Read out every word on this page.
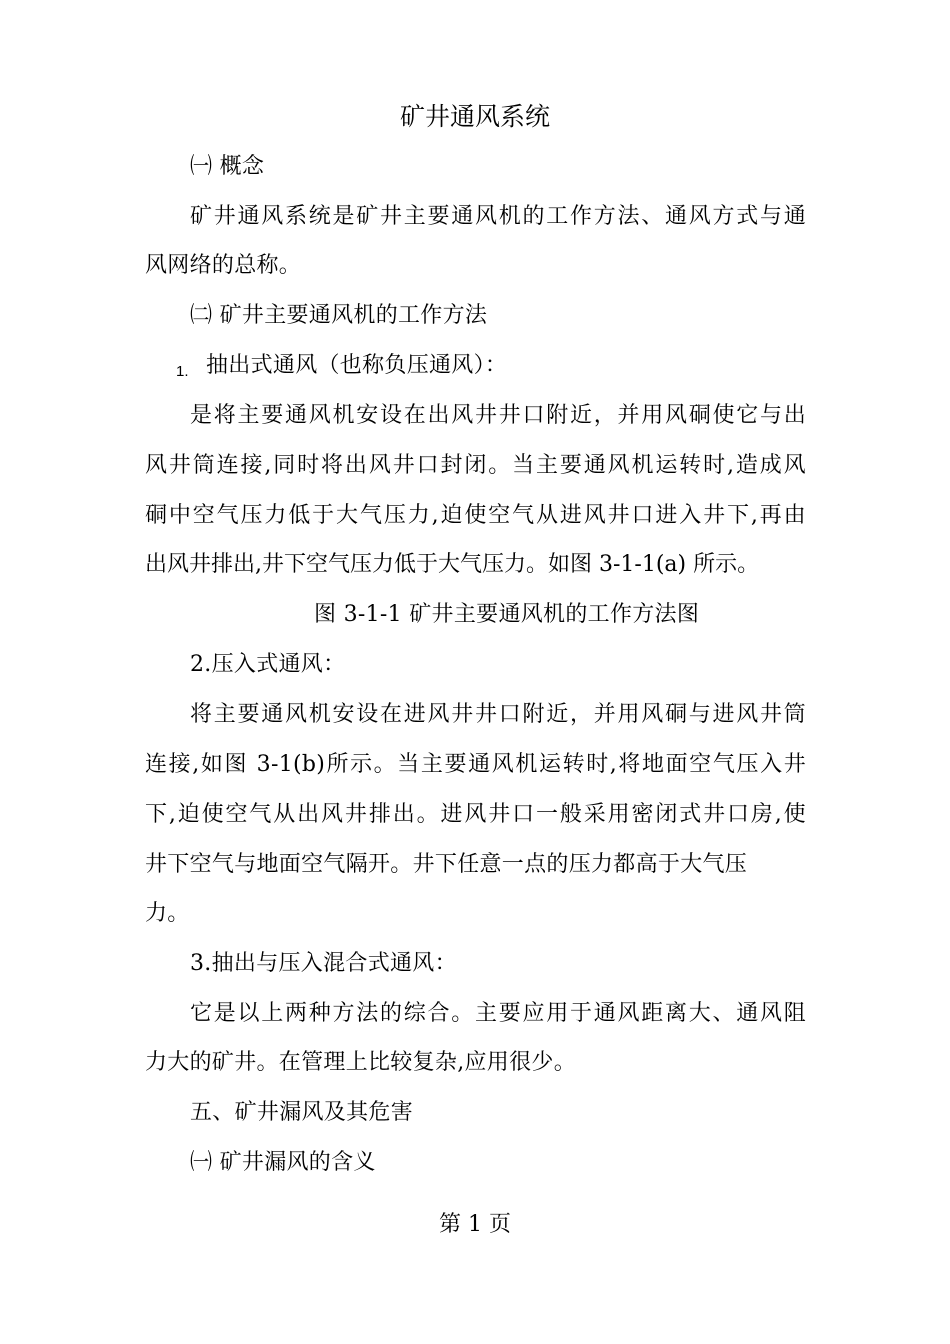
矿井通风系统
㈠ 概念
矿井通风系统是矿井主要通风机的工作方法、通风方式与通
风网络的总称。
㈡ 矿井主要通风机的工作方法
1. 抽出式通风（也称负压通风）：
是将主要通风机安设在出风井井口附近，并用风硐使它与出
风井筒连接,同时将出风井口封闭。当主要通风机运转时,造成风
硐中空气压力低于大气压力,迫使空气从进风井口进入井下,再由
出风井排出,井下空气压力低于大气压力。如图 3-1-1(a) 所示。
图 3-1-1 矿井主要通风机的工作方法图
2.压入式通风：
将主要通风机安设在进风井井口附近，并用风硐与进风井筒
连接,如图 3-1(b)所示。当主要通风机运转时,将地面空气压入井
下,迫使空气从出风井排出。进风井口一般采用密闭式井口房,使
井下空气与地面空气隔开。井下任意一点的压力都高于大气压
力。
3.抽出与压入混合式通风：
它是以上两种方法的综合。主要应用于通风距离大、通风阻
力大的矿井。在管理上比较复杂,应用很少。
五、矿井漏风及其危害
㈠ 矿井漏风的含义
第 1 页
